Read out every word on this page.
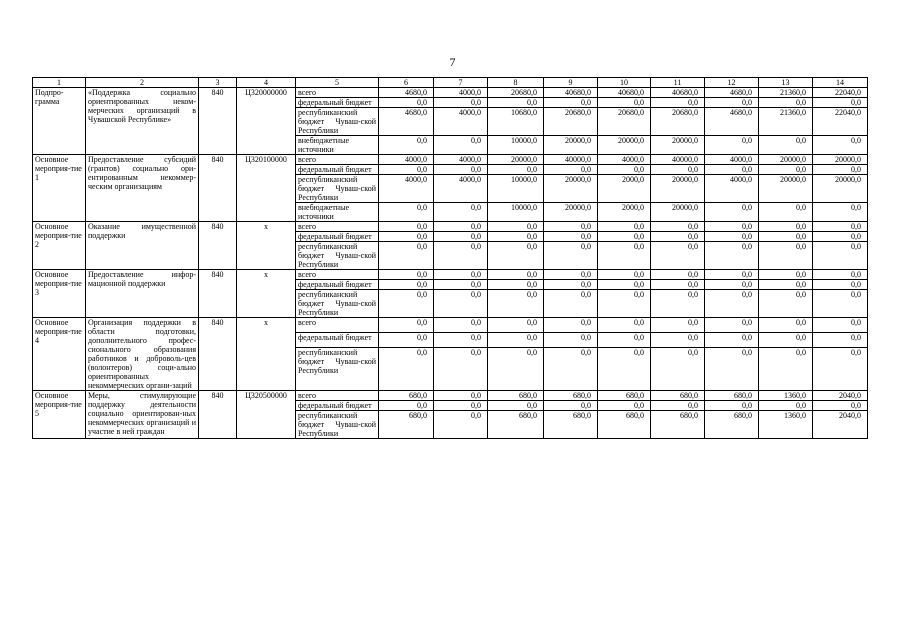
7
1	2	3	4	5	6	7	8	9	10	11	12	13	14
Подпро- грамма	«Поддержка социально ориентированных неком-мерческих организаций в Чувашской Республике»	840	Ц320000000	всего	4680,0	4000,0	20680,0	40680,0	40680,0	40680,0	4680,0	21360,0	22040,0
				федеральный бюджет	0,0	0,0	0,0	0,0	0,0	0,0	0,0	0,0	0,0
				республиканский бюджет Чуваш-ской Республики	4680,0	4000,0	10680,0	20680,0	20680,0	20680,0	4680,0	21360,0	22040,0
				внебюджетные источники	0,0	0,0	10000,0	20000,0	20000,0	20000,0	0,0	0,0	0,0
Основное мероприя-тие 1	Предоставление субсидий (грантов) социально ори-ентированным некоммер-ческим организациям	840	Ц320100000	всего	4000,0	4000,0	20000,0	40000,0	4000,0	40000,0	4000,0	20000,0	20000,0
				федеральный бюджет	0,0	0,0	0,0	0,0	0,0	0,0	0,0	0,0	0,0
				республиканский бюджет Чуваш-ской Республики	4000,0	4000,0	10000,0	20000,0	2000,0	20000,0	4000,0	20000,0	20000,0
				внебюджетные источники	0,0	0,0	10000,0	20000,0	2000,0	20000,0	0,0	0,0	0,0
Основное мероприя-тие 2	Оказание имущественной поддержки	840	x	всего	0,0	0,0	0,0	0,0	0,0	0,0	0,0	0,0	0,0
				федеральный бюджет	0,0	0,0	0,0	0,0	0,0	0,0	0,0	0,0	0,0
				республиканский бюджет Чуваш-ской Республики	0,0	0,0	0,0	0,0	0,0	0,0	0,0	0,0	0,0
Основное мероприя-тие 3	Предоставление инфор-мационной поддержки	840	x	всего	0,0	0,0	0,0	0,0	0,0	0,0	0,0	0,0	0,0
				федеральный бюджет	0,0	0,0	0,0	0,0	0,0	0,0	0,0	0,0	0,0
				республиканский бюджет Чуваш-ской Республики	0,0	0,0	0,0	0,0	0,0	0,0	0,0	0,0	0,0
Основное мероприя-тие 4	Организация поддержки в области подготовки, дополнительного профес-сионального образования работников и доброволь-цев (волонтеров) соци-ально ориентированных некоммерческих органи-заций	840	x	всего	0,0	0,0	0,0	0,0	0,0	0,0	0,0	0,0	0,0
				федеральный бюджет	0,0	0,0	0,0	0,0	0,0	0,0	0,0	0,0	0,0
				республиканский бюджет Чуваш-ской Республики	0,0	0,0	0,0	0,0	0,0	0,0	0,0	0,0	0,0
Основное мероприя-тие 5	Меры, стимулирующие поддержку деятельности социально ориентирован-ных некоммерческих организаций и участие в ней граждан	840	Ц320500000	всего	680,0	0,0	680,0	680,0	680,0	680,0	680,0	1360,0	2040,0
				федеральный бюджет	0,0	0,0	0,0	0,0	0,0	0,0	0,0	0,0	0,0
				республиканский бюджет Чуваш-ской Республики	680,0	0,0	680,0	680,0	680,0	680,0	680,0	1360,0	2040,0
